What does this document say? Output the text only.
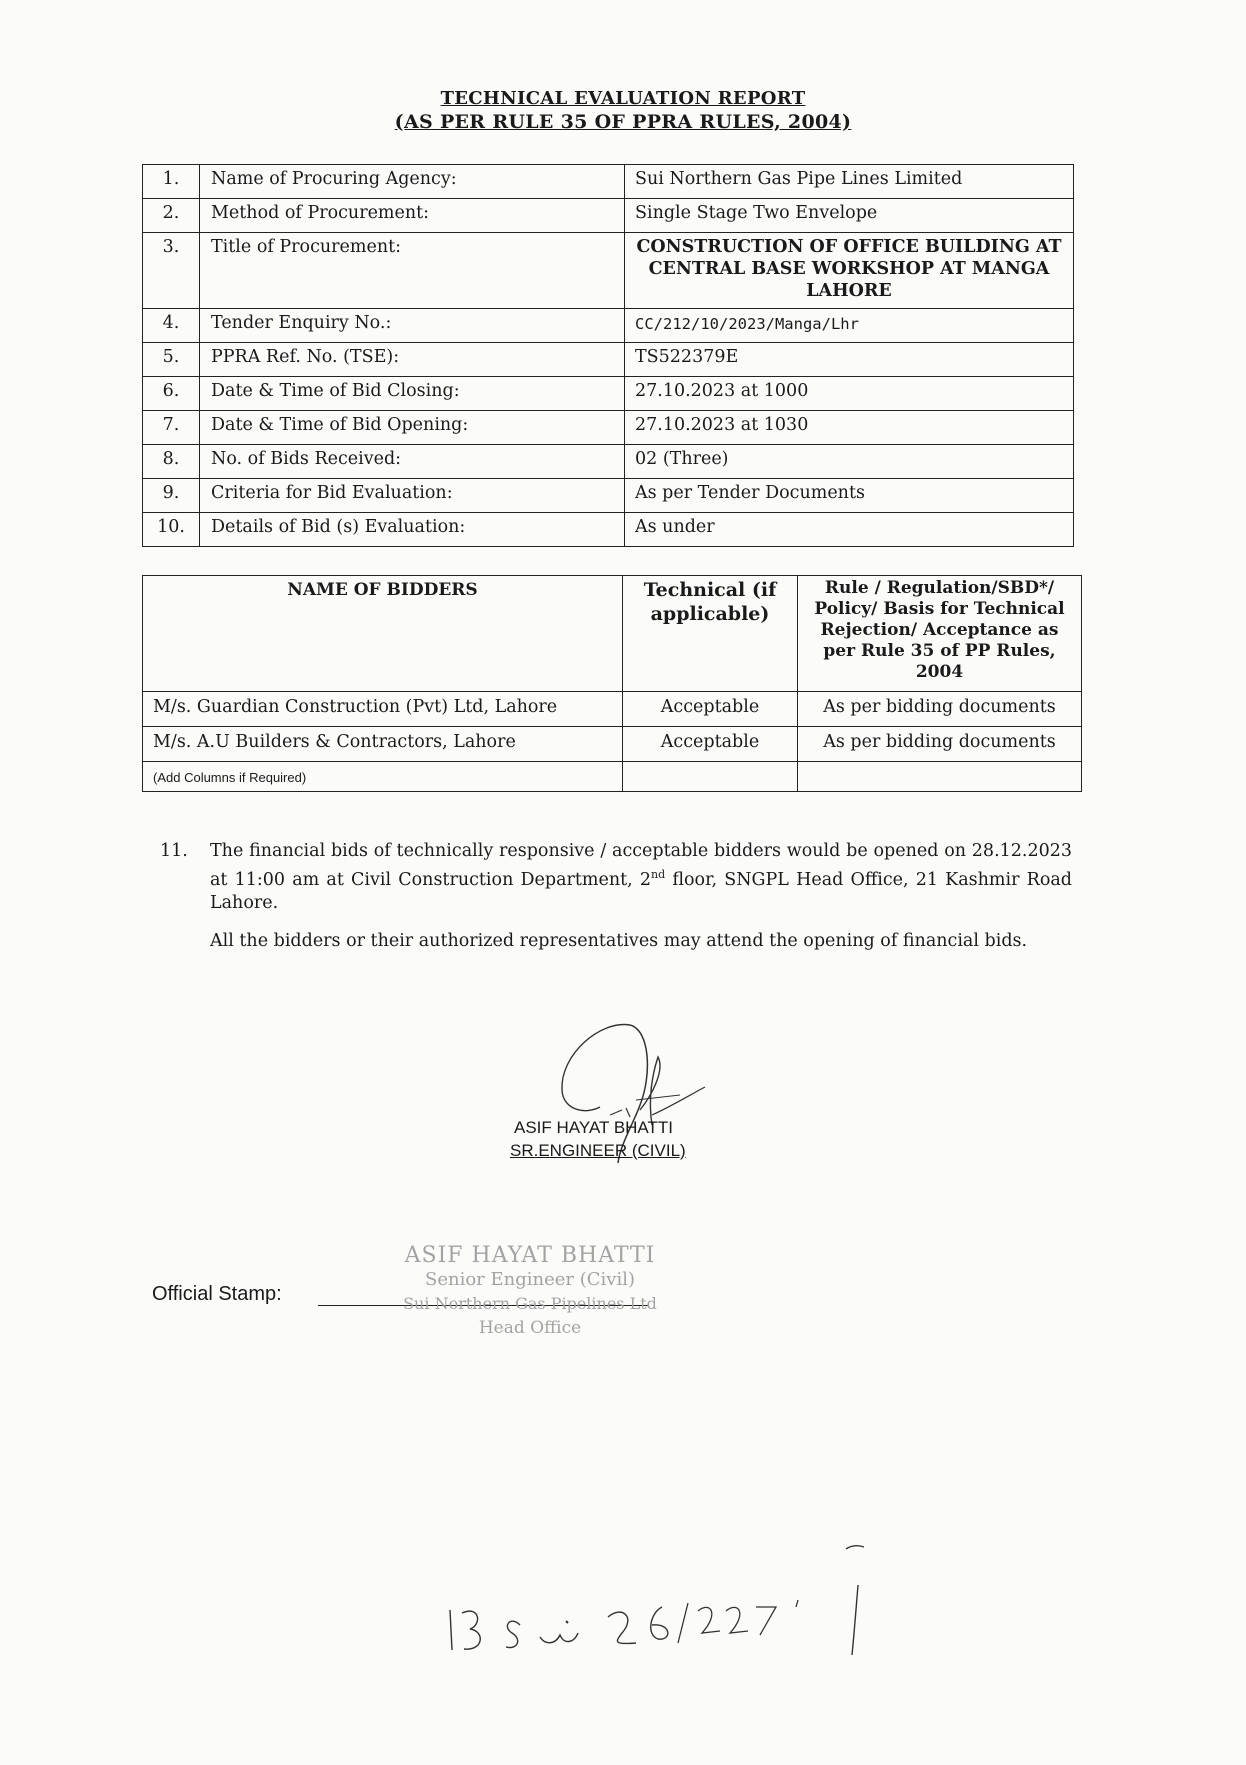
TECHNICAL EVALUATION REPORT
(AS PER RULE 35 OF PPRA RULES, 2004)
1.	Name of Procuring Agency:	Sui Northern Gas Pipe Lines Limited
2.	Method of Procurement:	Single Stage Two Envelope
3.	Title of Procurement:	CONSTRUCTION OF OFFICE BUILDING AT CENTRAL BASE WORKSHOP AT MANGA LAHORE
4.	Tender Enquiry No.:	CC/212/10/2023/Manga/Lhr
5.	PPRA Ref. No. (TSE):	TS522379E
6.	Date & Time of Bid Closing:	27.10.2023 at 1000
7.	Date & Time of Bid Opening:	27.10.2023 at 1030
8.	No. of Bids Received:	02 (Three)
9.	Criteria for Bid Evaluation:	As per Tender Documents
10.	Details of Bid (s) Evaluation:	As under
NAME OF BIDDERS	Technical (if applicable)	Rule / Regulation/SBD*/ Policy/ Basis for Technical Rejection/ Acceptance as per Rule 35 of PP Rules, 2004
M/s. Guardian Construction (Pvt) Ltd, Lahore	Acceptable	As per bidding documents
M/s. A.U Builders & Contractors, Lahore	Acceptable	As per bidding documents
(Add Columns if Required)		
11. The financial bids of technically responsive / acceptable bidders would be opened on 28.12.2023 at 11:00 am at Civil Construction Department, 2nd floor, SNGPL Head Office, 21 Kashmir Road Lahore.
All the bidders or their authorized representatives may attend the opening of financial bids.
ASIF HAYAT BHATTI
SR.ENGINEER (CIVIL)
Official Stamp:
ASIF HAYAT BHATTI
Senior Engineer (Civil)
Sui Northern Gas Pipelines Ltd
Head Office
